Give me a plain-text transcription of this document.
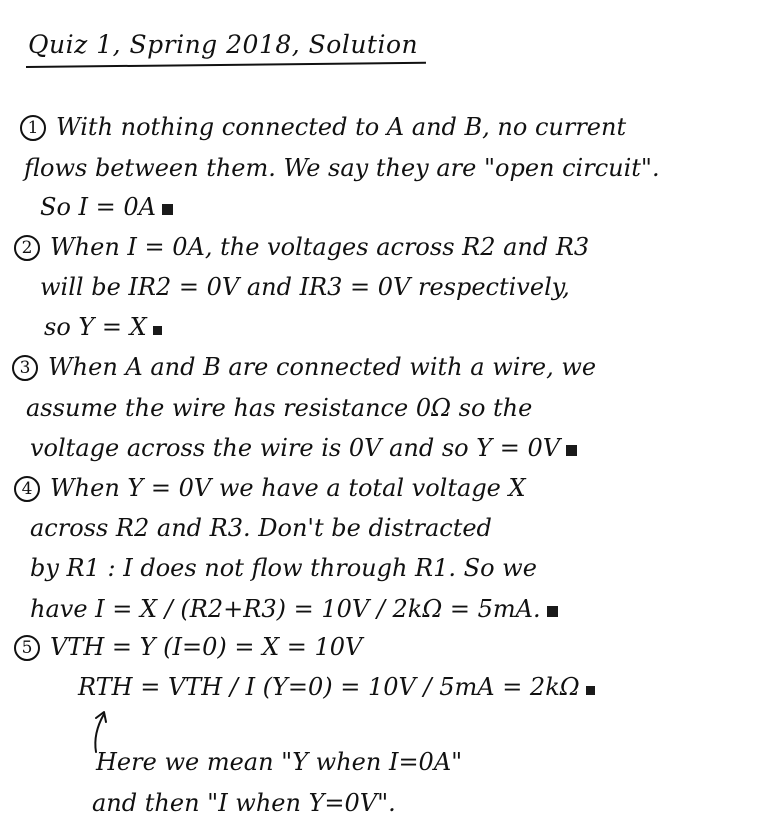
Quiz 1, Spring 2018, Solution
1 With nothing connected to A and B, no current
flows between them. We say they are "open circuit".
So I = 0A
2 When I = 0A, the voltages across R2 and R3
will be IR2 = 0V and IR3 = 0V respectively,
so Y = X
3 When A and B are connected with a wire, we
assume the wire has resistance 0Ω so the
voltage across the wire is 0V and so Y = 0V
4 When Y = 0V we have a total voltage X
across R2 and R3. Don't be distracted
by R1 : I does not flow through R1. So we
have I = X / (R2+R3) = 10V / 2kΩ = 5mA.
5 VTH = Y (I=0) = X = 10V
RTH = VTH / I (Y=0) = 10V / 5mA = 2kΩ
Here we mean "Y when I=0A"
and then "I when Y=0V".
